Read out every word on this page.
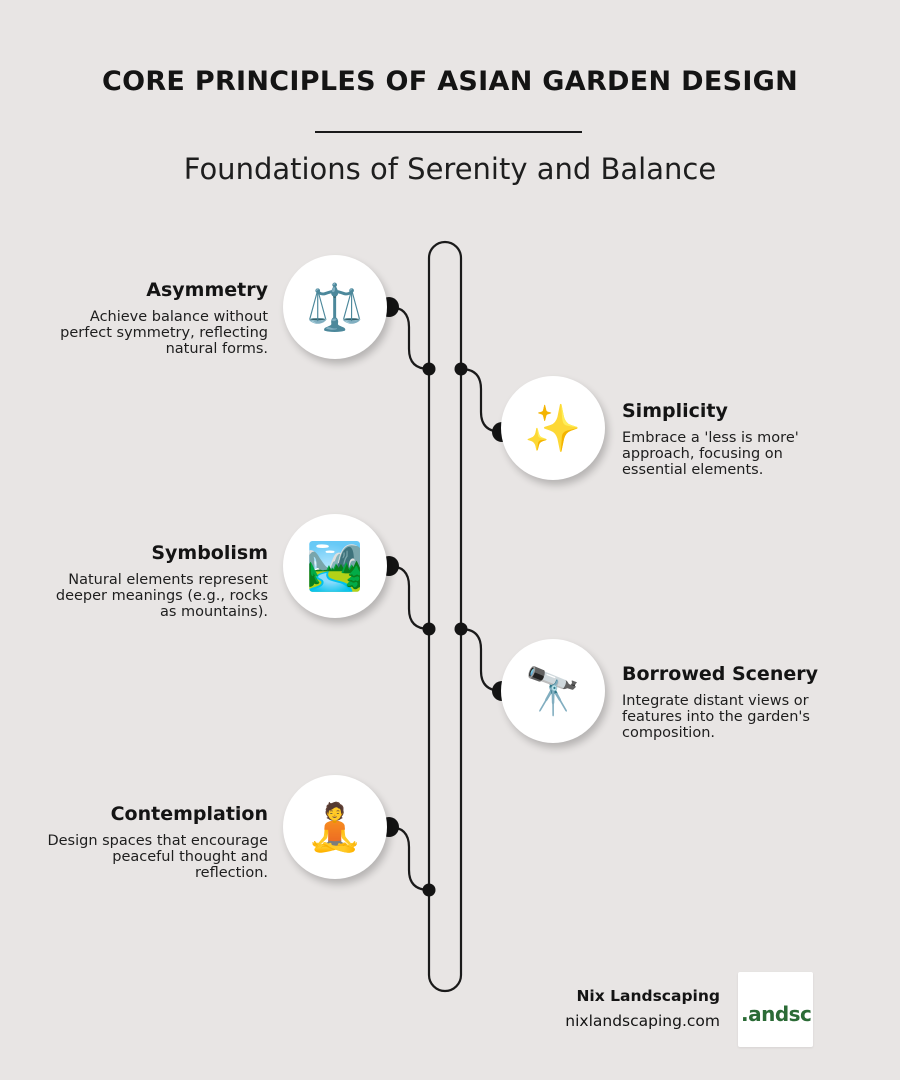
CORE PRINCIPLES OF ASIAN GARDEN DESIGN
Foundations of Serenity and Balance
⚖️
Asymmetry

Achieve balance without perfect symmetry, reflecting natural forms.

✨ Simplicity

Embrace a 'less is more' approach, focusing on essential elements.

🏞️
Symbolism

Natural elements represent deeper meanings (e.g., rocks as mountains).

🔭 Borrowed Scenery

Integrate distant views or features into the garden's composition.

🧘
Contemplation

Design spaces that encourage peaceful thought and reflection.

Nix Landscaping
nixlandscaping.com .andsc
